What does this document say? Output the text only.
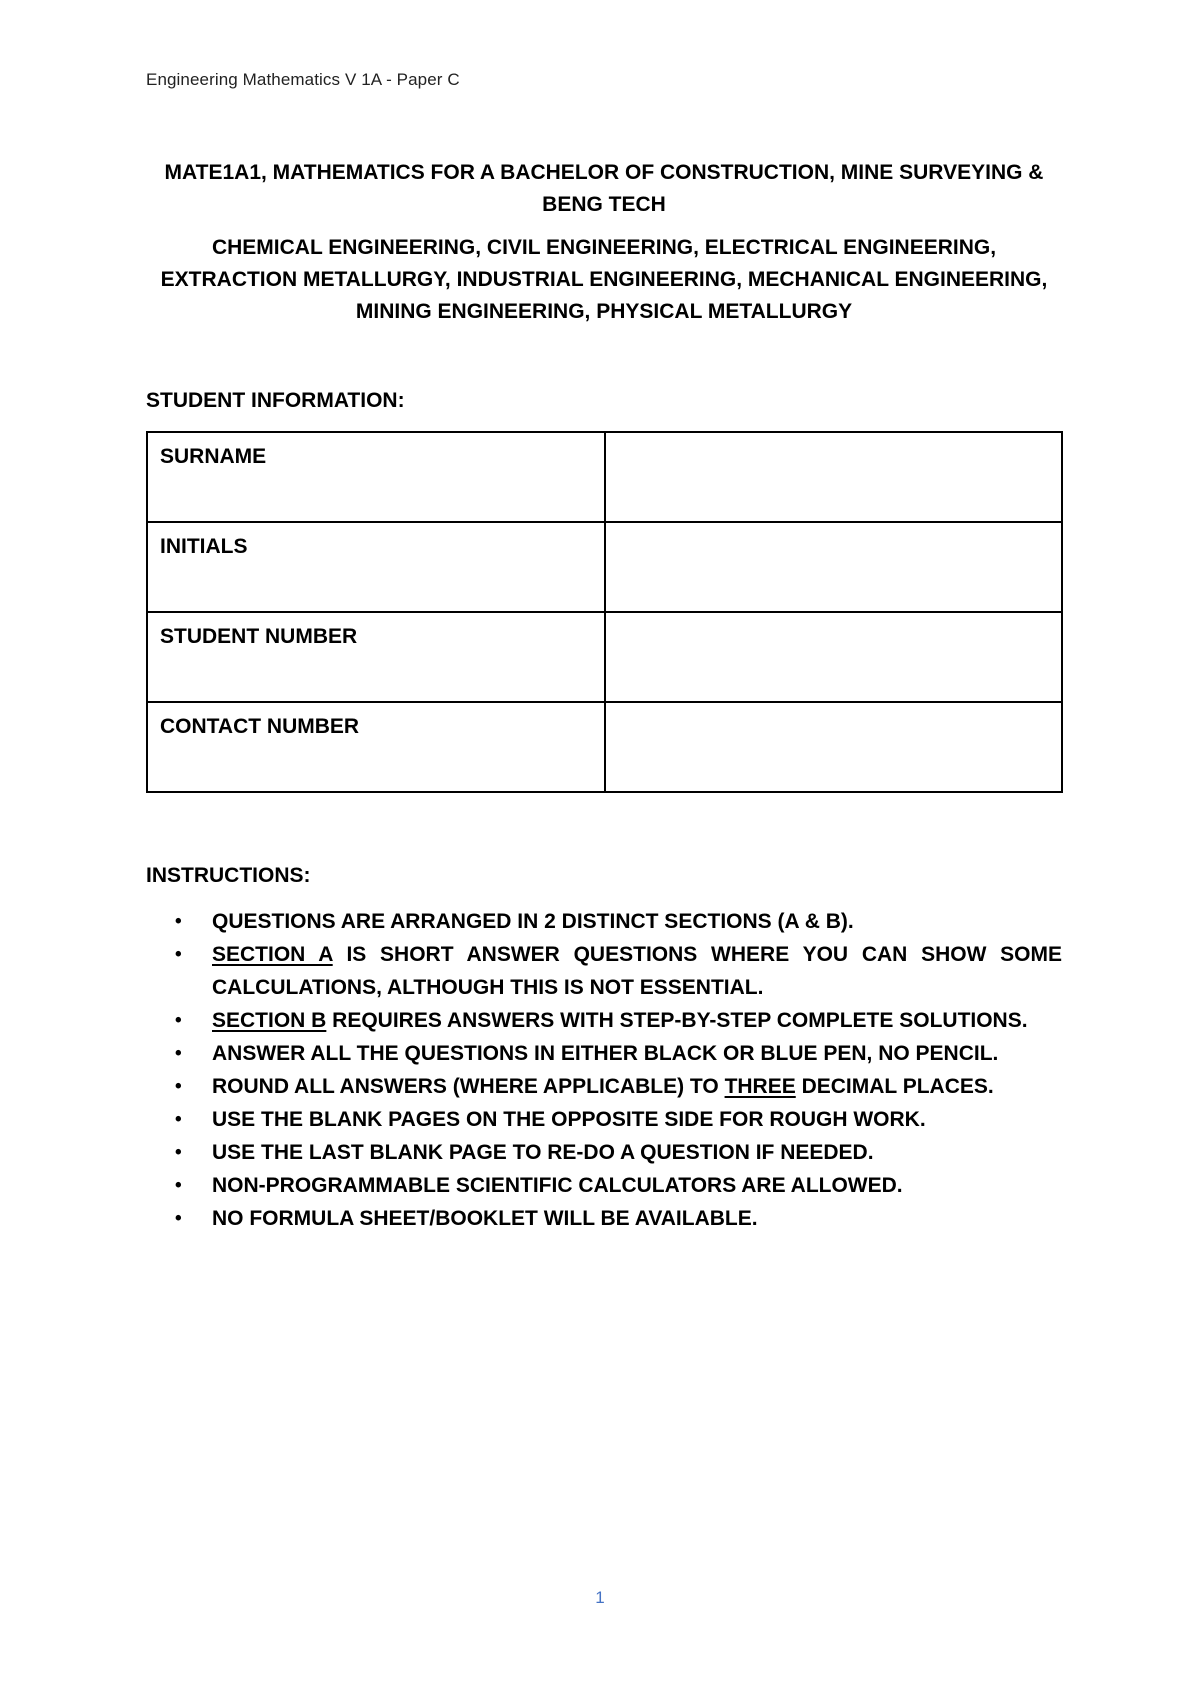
Engineering Mathematics V 1A - Paper C
MATE1A1, MATHEMATICS FOR A BACHELOR OF CONSTRUCTION, MINE SURVEYING & BENG TECH
CHEMICAL ENGINEERING, CIVIL ENGINEERING, ELECTRICAL ENGINEERING, EXTRACTION METALLURGY, INDUSTRIAL ENGINEERING, MECHANICAL ENGINEERING, MINING ENGINEERING, PHYSICAL METALLURGY
STUDENT INFORMATION:
SURNAME	
INITIALS	
STUDENT NUMBER	
CONTACT NUMBER	
INSTRUCTIONS:
• QUESTIONS ARE ARRANGED IN 2 DISTINCT SECTIONS (A & B).
• SECTION A IS SHORT ANSWER QUESTIONS WHERE YOU CAN SHOW SOME CALCULATIONS, ALTHOUGH THIS IS NOT ESSENTIAL.
• SECTION B REQUIRES ANSWERS WITH STEP-BY-STEP COMPLETE SOLUTIONS.
• ANSWER ALL THE QUESTIONS IN EITHER BLACK OR BLUE PEN, NO PENCIL.
• ROUND ALL ANSWERS (WHERE APPLICABLE) TO THREE DECIMAL PLACES.
• USE THE BLANK PAGES ON THE OPPOSITE SIDE FOR ROUGH WORK.
• USE THE LAST BLANK PAGE TO RE-DO A QUESTION IF NEEDED.
• NON-PROGRAMMABLE SCIENTIFIC CALCULATORS ARE ALLOWED.
• NO FORMULA SHEET/BOOKLET WILL BE AVAILABLE.
1
